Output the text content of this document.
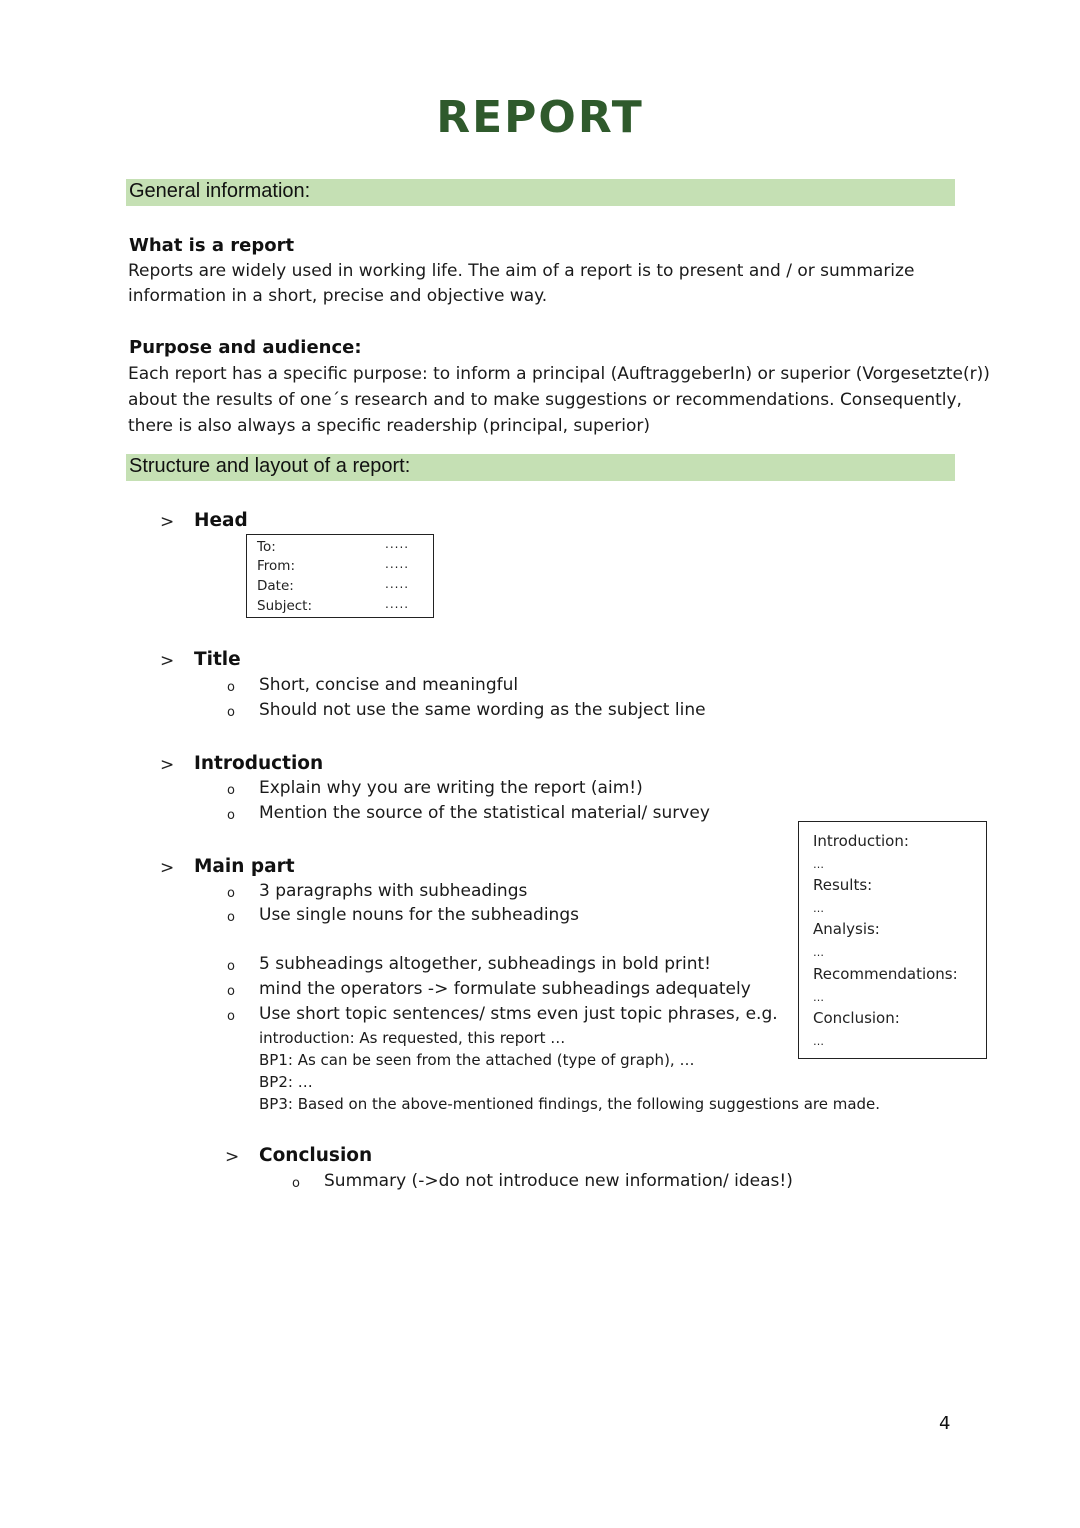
REPORT
General information:
What is a report
Reports are widely used in working life. The aim of a report is to present and / or summarize
information in a short, precise and objective way.
Purpose and audience:
Each report has a specific purpose: to inform a principal (AuftraggeberIn) or superior (Vorgesetzte(r))
about the results of one´s research and to make suggestions or recommendations. Consequently,
there is also always a specific readership (principal, superior)
Structure and layout of a report:
> Head
To:
From:
Date:
Subject:
.....
.....
.....
.....
> Title
o Short, concise and meaningful
o Should not use the same wording as the subject line
> Introduction
o Explain why you are writing the report (aim!)
o Mention the source of the statistical material/ survey
> Main part
o 3 paragraphs with subheadings
o Use single nouns for the subheadings
o 5 subheadings altogether, subheadings in bold print!
o mind the operators -> formulate subheadings adequately
o Use short topic sentences/ stms even just topic phrases, e.g.
introduction: As requested, this report …
BP1: As can be seen from the attached (type of graph), …
BP2: …
BP3: Based on the above-mentioned findings, the following suggestions are made.
Introduction:
…
Results:
…
Analysis:
…
Recommendations:
…
Conclusion:
…
> Conclusion
o Summary (->do not introduce new information/ ideas!)
4
